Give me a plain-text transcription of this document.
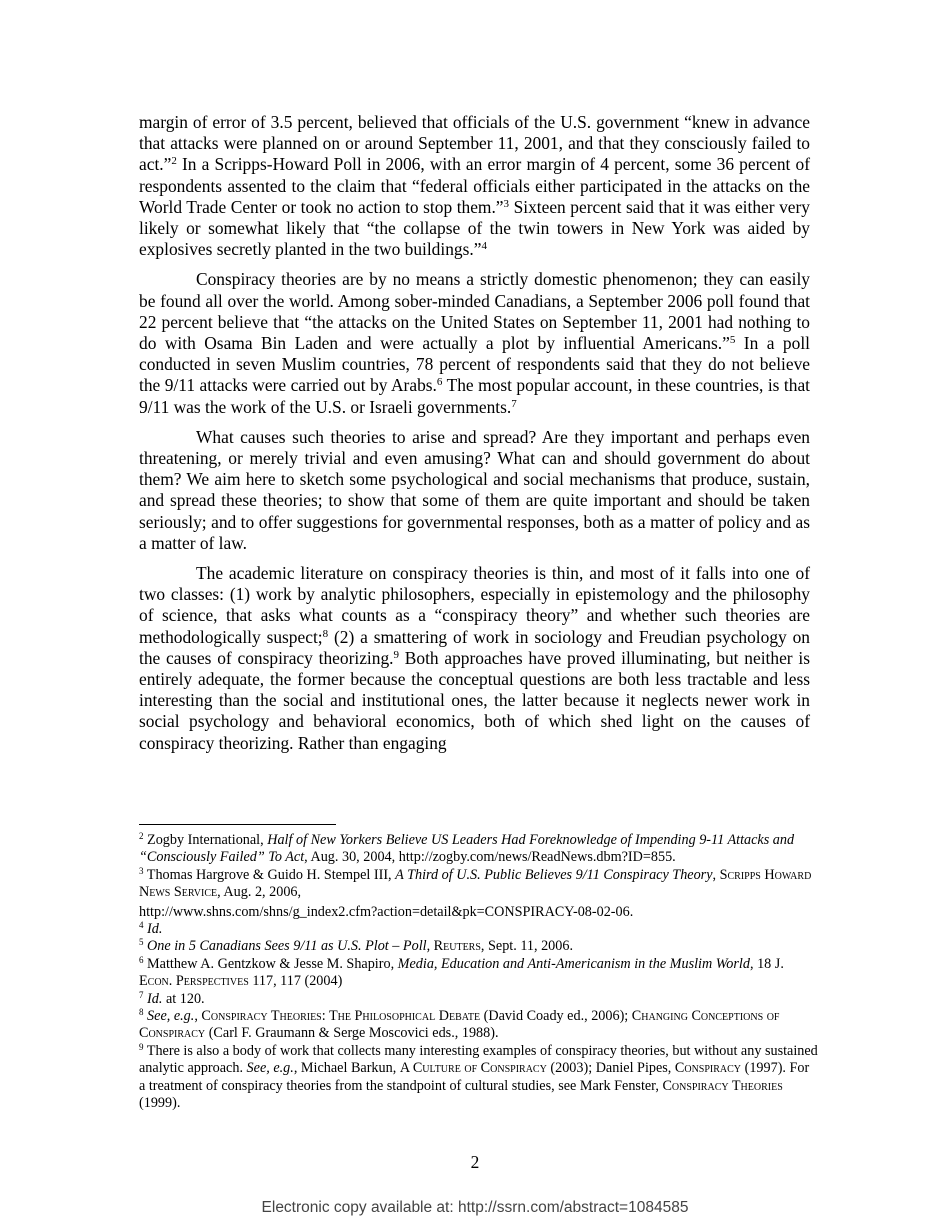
margin of error of 3.5 percent, believed that officials of the U.S. government “knew in advance that attacks were planned on or around September 11, 2001, and that they consciously failed to act.”$^2$ In a Scripps-Howard Poll in 2006, with an error margin of 4 percent, some 36 percent of respondents assented to the claim that “federal officials either participated in the attacks on the World Trade Center or took no action to stop them.”$^3$ Sixteen percent said that it was either very likely or somewhat likely that “the collapse of the twin towers in New York was aided by explosives secretly planted in the two buildings.”$^4$

Conspiracy theories are by no means a strictly domestic phenomenon; they can easily be found all over the world. Among sober-minded Canadians, a September 2006 poll found that 22 percent believe that “the attacks on the United States on September 11, 2001 had nothing to do with Osama Bin Laden and were actually a plot by influential Americans.”$^5$ In a poll conducted in seven Muslim countries, 78 percent of respondents said that they do not believe the 9/11 attacks were carried out by Arabs.$^6$ The most popular account, in these countries, is that 9/11 was the work of the U.S. or Israeli governments.$^7$

What causes such theories to arise and spread? Are they important and perhaps even threatening, or merely trivial and even amusing? What can and should government do about them? We aim here to sketch some psychological and social mechanisms that produce, sustain, and spread these theories; to show that some of them are quite important and should be taken seriously; and to offer suggestions for governmental responses, both as a matter of policy and as a matter of law.

The academic literature on conspiracy theories is thin, and most of it falls into one of two classes: (1) work by analytic philosophers, especially in epistemology and the philosophy of science, that asks what counts as a “conspiracy theory” and whether such theories are methodologically suspect;$^8$ (2) a smattering of work in sociology and Freudian psychology on the causes of conspiracy theorizing.$^9$ Both approaches have proved illuminating, but neither is entirely adequate, the former because the conceptual questions are both less tractable and less interesting than the social and institutional ones, the latter because it neglects newer work in social psychology and behavioral economics, both of which shed light on the causes of conspiracy theorizing. Rather than engaging

$^2$ Zogby International, Half of New Yorkers Believe US Leaders Had Foreknowledge of Impending 9-11 Attacks and “Consciously Failed” To Act, Aug. 30, 2004, http://zogby.com/news/ReadNews.dbm?ID=855.

$^3$ Thomas Hargrove & Guido H. Stempel III, A Third of U.S. Public Believes 9/11 Conspiracy Theory, Scripps Howard News Service, Aug. 2, 2006,

http://www.shns.com/shns/g_index2.cfm?action=detail&pk=CONSPIRACY-08-02-06.

$^4$ Id.

$^5$ One in 5 Canadians Sees 9/11 as U.S. Plot – Poll, Reuters, Sept. 11, 2006.

$^6$ Matthew A. Gentzkow & Jesse M. Shapiro, Media, Education and Anti-Americanism in the Muslim World, 18 J. Econ. Perspectives 117, 117 (2004)

$^7$ Id. at 120.

$^8$ See, e.g., Conspiracy Theories: The Philosophical Debate (David Coady ed., 2006); Changing Conceptions of Conspiracy (Carl F. Graumann & Serge Moscovici eds., 1988).

$^9$ There is also a body of work that collects many interesting examples of conspiracy theories, but without any sustained analytic approach. See, e.g., Michael Barkun, A Culture of Conspiracy (2003); Daniel Pipes, Conspiracy (1997). For a treatment of conspiracy theories from the standpoint of cultural studies, see Mark Fenster, Conspiracy Theories (1999).

2
Electronic copy available at: http://ssrn.com/abstract=1084585
